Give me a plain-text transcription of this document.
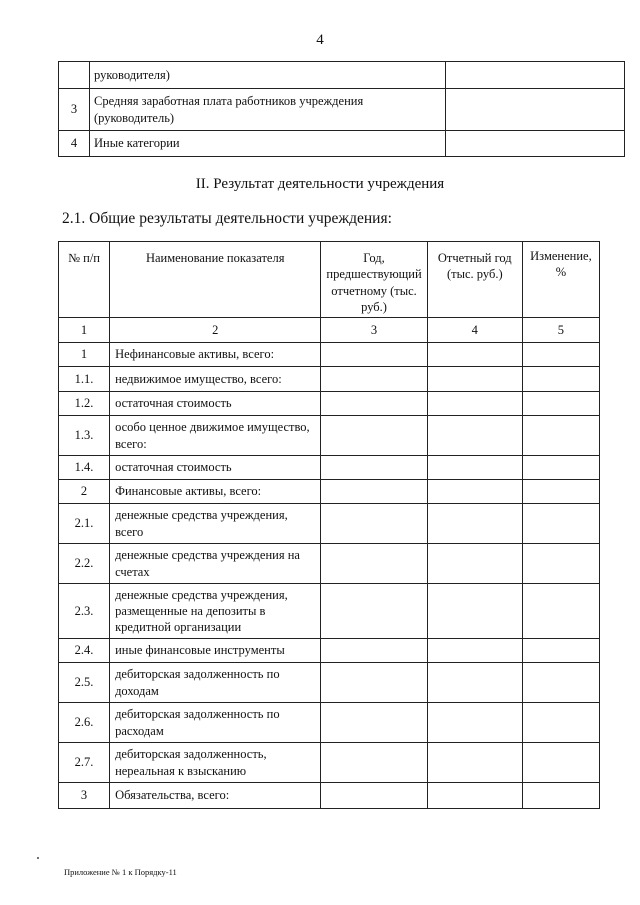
4
	руководителя)	
3	Средняя заработная плата работников учреждения (руководитель)	
4	Иные категории	
II. Результат деятельности учреждения
2.1. Общие результаты деятельности учреждения:
№ п/п	Наименование показателя	Год, предшествующий отчетному (тыс. руб.)	Отчетный год (тыс. руб.)	Изменение, %
1	2	3	4	5
1	Нефинансовые активы, всего:			
1.1.	недвижимое имущество, всего:			
1.2.	остаточная стоимость			
1.3.	особо ценное движимое имущество, всего:			
1.4.	остаточная стоимость			
2	Финансовые активы, всего:			
2.1.	денежные средства учреждения, всего			
2.2.	денежные средства учреждения на счетах			
2.3.	денежные средства учреждения, размещенные на депозиты в кредитной организации			
2.4.	иные финансовые инструменты			
2.5.	дебиторская задолженность по доходам			
2.6.	дебиторская задолженность по расходам			
2.7.	дебиторская задолженность, нереальная к взысканию			
3	Обязательства, всего:			
Приложение № 1 к Порядку-11
